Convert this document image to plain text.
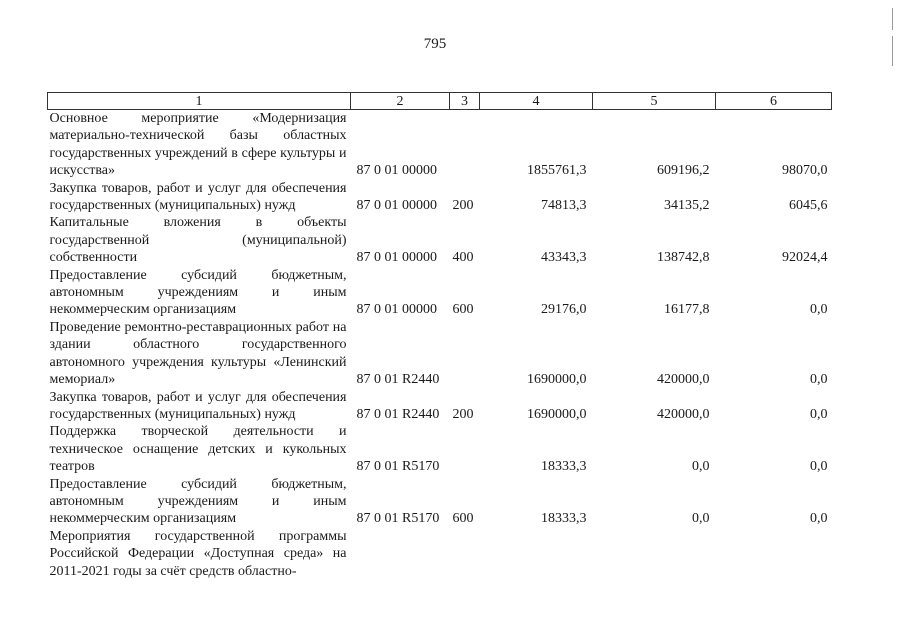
795
1	2	3	4	5	6
Основное мероприятие «Модернизация материально-технической базы областных государственных учреждений в сфере культуры и искусства»	87 0 01 00000		1855761,3	609196,2	98070,0
Закупка товаров, работ и услуг для обеспечения государственных (муниципальных) нужд	87 0 01 00000	200	74813,3	34135,2	6045,6
Капитальные вложения в объекты государственной (муниципальной) собственности	87 0 01 00000	400	43343,3	138742,8	92024,4
Предоставление субсидий бюджетным, автономным учреждениям и иным некоммерческим организациям	87 0 01 00000	600	29176,0	16177,8	0,0
Проведение ремонтно-реставрационных работ на здании областного государственного автономного учреждения культуры «Ленинский мемориал»	87 0 01 R2440		1690000,0	420000,0	0,0
Закупка товаров, работ и услуг для обеспечения государственных (муниципальных) нужд	87 0 01 R2440	200	1690000,0	420000,0	0,0
Поддержка творческой деятельности и техническое оснащение детских и кукольных театров	87 0 01 R5170		18333,3	0,0	0,0
Предоставление субсидий бюджетным, автономным учреждениям и иным некоммерческим организациям	87 0 01 R5170	600	18333,3	0,0	0,0
Мероприятия государственной программы Российской Федерации «Доступная среда» на 2011-2021 годы за счёт средств областно-					
